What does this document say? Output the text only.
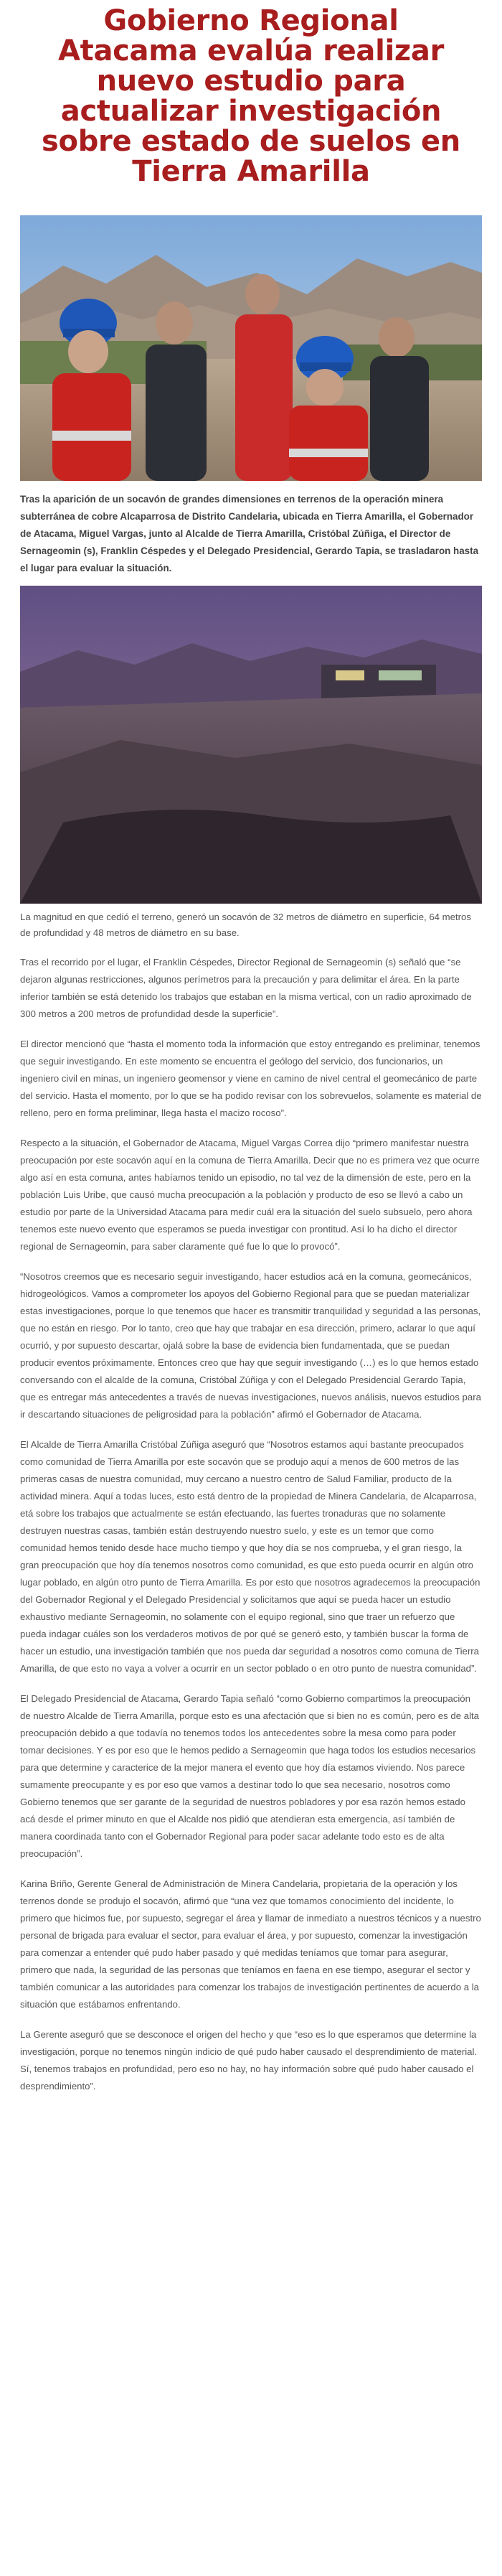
Gobierno Regional Atacama evalúa realizar nuevo estudio para actualizar investigación sobre estado de suelos en Tierra Amarilla

Tras la aparición de un socavón de grandes dimensiones en terrenos de la operación minera subterránea de cobre Alcaparrosa de Distrito Candelaria, ubicada en Tierra Amarilla, el Gobernador de Atacama, Miguel Vargas, junto al Alcalde de Tierra Amarilla, Cristóbal Zúñiga, el Director de Sernageomin (s), Franklin Céspedes y el Delegado Presidencial, Gerardo Tapia, se trasladaron hasta el lugar para evaluar la situación.

La magnitud en que cedió el terreno, generó un socavón de 32 metros de diámetro en superficie, 64 metros de profundidad y 48 metros de diámetro en su base.

Tras el recorrido por el lugar, el Franklin Céspedes, Director Regional de Sernageomin (s) señaló que “se dejaron algunas restricciones, algunos perímetros para la precaución y para delimitar el área. En la parte inferior también se está detenido los trabajos que estaban en la misma vertical, con un radio aproximado de 300 metros a 200 metros de profundidad desde la superficie”.

El director mencionó que “hasta el momento toda la información que estoy entregando es preliminar, tenemos que seguir investigando. En este momento se encuentra el geólogo del servicio, dos funcionarios, un ingeniero civil en minas, un ingeniero geomensor y viene en camino de nivel central el geomecánico de parte del servicio. Hasta el momento, por lo que se ha podido revisar con los sobrevuelos, solamente es material de relleno, pero en forma preliminar, llega hasta el macizo rocoso”.

Respecto a la situación, el Gobernador de Atacama, Miguel Vargas Correa dijo “primero manifestar nuestra preocupación por este socavón aquí en la comuna de Tierra Amarilla. Decir que no es primera vez que ocurre algo así en esta comuna, antes habíamos tenido un episodio, no tal vez de la dimensión de este, pero en la población Luis Uribe, que causó mucha preocupación a la población y producto de eso se llevó a cabo un estudio por parte de la Universidad Atacama para medir cuál era la situación del suelo subsuelo, pero ahora tenemos este nuevo evento que esperamos se pueda investigar con prontitud. Así lo ha dicho el director regional de Sernageomin, para saber claramente qué fue lo que lo provocó”.

“Nosotros creemos que es necesario seguir investigando, hacer estudios acá en la comuna, geomecánicos, hidrogeológicos. Vamos a comprometer los apoyos del Gobierno Regional para que se puedan materializar estas investigaciones, porque lo que tenemos que hacer es transmitir tranquilidad y seguridad a las personas, que no están en riesgo. Por lo tanto, creo que hay que trabajar en esa dirección, primero, aclarar lo que aquí ocurrió, y por supuesto descartar, ojalá sobre la base de evidencia bien fundamentada, que se puedan producir eventos próximamente. Entonces creo que hay que seguir investigando (…) es lo que hemos estado conversando con el alcalde de la comuna, Cristóbal Zúñiga y con el Delegado Presidencial Gerardo Tapia, que es entregar más antecedentes a través de nuevas investigaciones, nuevos análisis, nuevos estudios para ir descartando situaciones de peligrosidad para la población” afirmó el Gobernador de Atacama.

El Alcalde de Tierra Amarilla Cristóbal Zúñiga aseguró que “Nosotros estamos aquí bastante preocupados como comunidad de Tierra Amarilla por este socavón que se produjo aquí a menos de 600 metros de las primeras casas de nuestra comunidad, muy cercano a nuestro centro de Salud Familiar, producto de la actividad minera. Aquí a todas luces, esto está dentro de la propiedad de Minera Candelaria, de Alcaparrosa, etá sobre los trabajos que actualmente se están efectuando, las fuertes tronaduras que no solamente destruyen nuestras casas, también están destruyendo nuestro suelo, y este es un temor que como comunidad hemos tenido desde hace mucho tiempo y que hoy día se nos comprueba, y el gran riesgo, la gran preocupación que hoy día tenemos nosotros como comunidad, es que esto pueda ocurrir en algún otro lugar poblado, en algún otro punto de Tierra Amarilla. Es por esto que nosotros agradecemos la preocupación del Gobernador Regional y el Delegado Presidencial y solicitamos que aquí se pueda hacer un estudio exhaustivo mediante Sernageomin, no solamente con el equipo regional, sino que traer un refuerzo que pueda indagar cuáles son los verdaderos motivos de por qué se generó esto, y también buscar la forma de hacer un estudio, una investigación también que nos pueda dar seguridad a nosotros como comuna de Tierra Amarilla, de que esto no vaya a volver a ocurrir en un sector poblado o en otro punto de nuestra comunidad”.

El Delegado Presidencial de Atacama, Gerardo Tapia señaló “como Gobierno compartimos la preocupación de nuestro Alcalde de Tierra Amarilla, porque esto es una afectación que si bien no es común, pero es de alta preocupación debido a que todavía no tenemos todos los antecedentes sobre la mesa como para poder tomar decisiones. Y es por eso que le hemos pedido a Sernageomin que haga todos los estudios necesarios para que determine y caracterice de la mejor manera el evento que hoy día estamos viviendo. Nos parece sumamente preocupante y es por eso que vamos a destinar todo lo que sea necesario, nosotros como Gobierno tenemos que ser garante de la seguridad de nuestros pobladores y por esa razón hemos estado acá desde el primer minuto en que el Alcalde nos pidió que atendieran esta emergencia, así también de manera coordinada tanto con el Gobernador Regional para poder sacar adelante todo esto es de alta preocupación”.

Karina Briño, Gerente General de Administración de Minera Candelaria, propietaria de la operación y los terrenos donde se produjo el socavón, afirmó que “una vez que tomamos conocimiento del incidente, lo primero que hicimos fue, por supuesto, segregar el área y llamar de inmediato a nuestros técnicos y a nuestro personal de brigada para evaluar el sector, para evaluar el área, y por supuesto, comenzar la investigación para comenzar a entender qué pudo haber pasado y qué medidas teníamos que tomar para asegurar, primero que nada, la seguridad de las personas que teníamos en faena en ese tiempo, asegurar el sector y también comunicar a las autoridades para comenzar los trabajos de investigación pertinentes de acuerdo a la situación que estábamos enfrentando.

La Gerente aseguró que se desconoce el origen del hecho y que “eso es lo que esperamos que determine la investigación, porque no tenemos ningún indicio de qué pudo haber causado el desprendimiento de material. Sí, tenemos trabajos en profundidad, pero eso no hay, no hay información sobre qué pudo haber causado el desprendimiento”.
